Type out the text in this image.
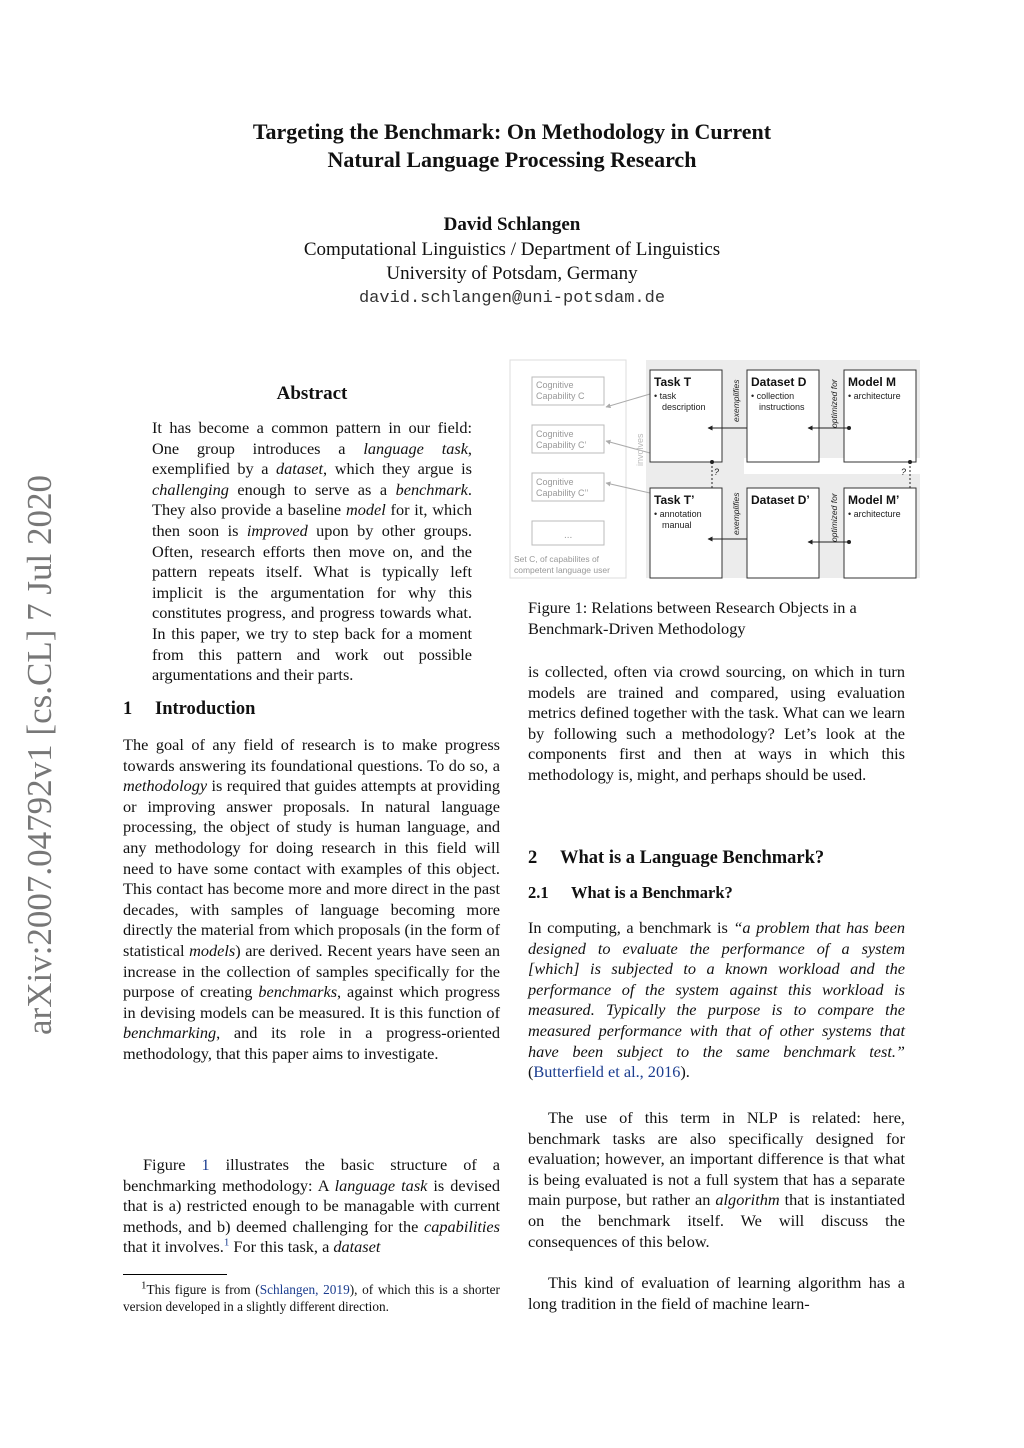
arXiv:2007.04792v1 [cs.CL] 7 Jul 2020
Targeting the Benchmark: On Methodology in Current
Natural Language Processing Research
David Schlangen
Computational Linguistics / Department of Linguistics
University of Potsdam, Germany
david.schlangen@uni-potsdam.de
Abstract
It has become a common pattern in our field: One group introduces a language task, exemplified by a dataset, which they argue is challenging enough to serve as a benchmark. They also provide a baseline model for it, which then soon is improved upon by other groups. Often, research efforts then move on, and the pattern repeats itself. What is typically left implicit is the argumentation for why this constitutes progress, and progress towards what. In this paper, we try to step back for a moment from this pattern and work out possible argumentations and their parts.
1 Introduction
The goal of any field of research is to make progress towards answering its foundational questions. To do so, a methodology is required that guides attempts at providing or improving answer proposals. In natural language processing, the object of study is human language, and any methodology for doing research in this field will need to have some contact with examples of this object. This contact has become more and more direct in the past decades, with samples of language becoming more directly the material from which proposals (in the form of statistical models) are derived. Recent years have seen an increase in the collection of samples specifically for the purpose of creating benchmarks, against which progress in devising models can be measured. It is this function of benchmarking, and its role in a progress-oriented methodology, that this paper aims to investigate.
Figure 1 illustrates the basic structure of a benchmarking methodology: A language task is devised that is a) restricted enough to be managable with current methods, and b) deemed challenging for the capabilities that it involves.$^1$ For this task, a dataset
$^1$This figure is from (Schlangen, 2019), of which this is a shorter version developed in a slightly different direction.
Cognitive
Capability C
Cognitive
Capability C’
Cognitive
Capability C’’
...
Set C, of capabilites of
competent language user
involves
Task T
• task
description
Dataset D
• collection
instructions
Model M
• architecture
Task T’
• annotation
manual
Dataset D’	Model M’
• architecture
exemplifies
exemplifies
optimized for
optimized for
?	?
Figure 1: Relations between Research Objects in a
Benchmark-Driven Methodology
is collected, often via crowd sourcing, on which in turn models are trained and compared, using evaluation metrics defined together with the task. What can we learn by following such a methodology? Let’s look at the components first and then at ways in which this methodology is, might, and perhaps should be used.
2 What is a Language Benchmark?
2.1 What is a Benchmark?
In computing, a benchmark is “a problem that has been designed to evaluate the performance of a system [which] is subjected to a known workload and the performance of the system against this workload is measured. Typically the purpose is to compare the measured performance with that of other systems that have been subject to the same benchmark test.” (Butterfield et al., 2016).
The use of this term in NLP is related: here, benchmark tasks are also specifically designed for evaluation; however, an important difference is that what is being evaluated is not a full system that has a separate main purpose, but rather an algorithm that is instantiated on the benchmark itself. We will discuss the consequences of this below.
This kind of evaluation of learning algorithm has a long tradition in the field of machine learn-
